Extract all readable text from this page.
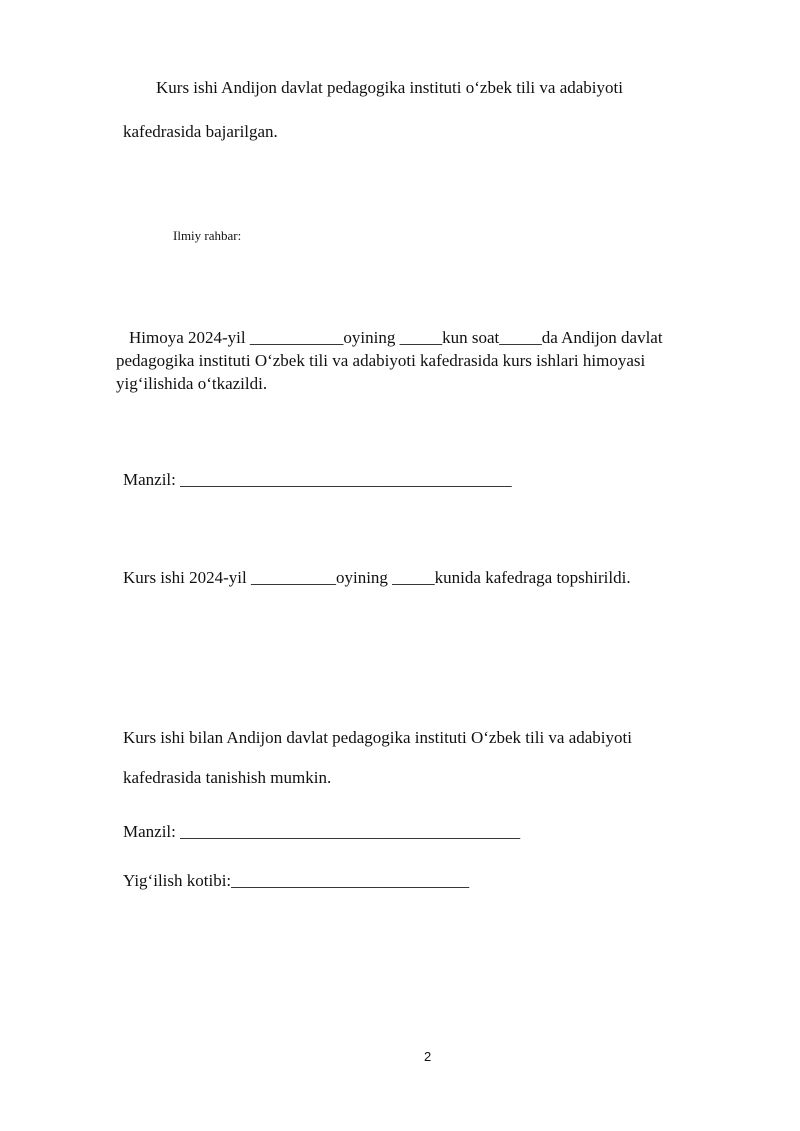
Kurs ishi Andijon davlat pedagogika instituti o‘zbek tili va adabiyoti
kafedrasida bajarilgan.
Ilmiy rahbar:
Himoya 2024-yil ___________oyining _____kun soat_____da Andijon davlat
pedagogika instituti O‘zbek tili va adabiyoti kafedrasida kurs ishlari himoyasi
yig‘ilishida o‘tkazildi.
Manzil: _______________________________________
Kurs ishi 2024-yil __________oyining _____kunida kafedraga topshirildi.
Kurs ishi bilan Andijon davlat pedagogika instituti O‘zbek tili va adabiyoti
kafedrasida tanishish mumkin.
Manzil: ________________________________________
Yig‘ilish kotibi:____________________________
2
